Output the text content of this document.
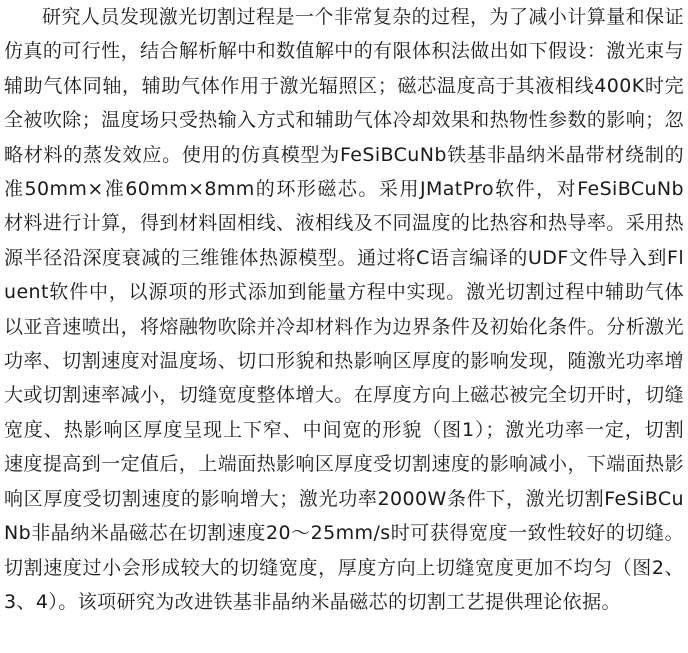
研究人员发现激光切割过程是一个非常复杂的过程，为了减小计算量和保证仿真的可行性，结合解析解中和数值解中的有限体积法做出如下假设：激光束与辅助气体同轴，辅助气体作用于激光辐照区；磁芯温度高于其液相线400K时完全被吹除；温度场只受热输入方式和辅助气体冷却效果和热物性参数的影响；忽略材料的蒸发效应。使用的仿真模型为FeSiBCuNb铁基非晶纳米晶带材绕制的准50mm×准60mm×8mm的环形磁芯。采用JMatPro软件，对FeSiBCuNb材料进行计算，得到材料固相线、液相线及不同温度的比热容和热导率。采用热源半径沿深度衰减的三维锥体热源模型。通过将C语言编译的UDF文件导入到Fluent软件中，以源项的形式添加到能量方程中实现。激光切割过程中辅助气体以亚音速喷出，将熔融物吹除并冷却材料作为边界条件及初始化条件。分析激光功率、切割速度对温度场、切口形貌和热影响区厚度的影响发现，随激光功率增大或切割速率减小，切缝宽度整体增大。在厚度方向上磁芯被完全切开时，切缝宽度、热影响区厚度呈现上下窄、中间宽的形貌（图1）；激光功率一定，切割速度提高到一定值后，上端面热影响区厚度受切割速度的影响减小，下端面热影响区厚度受切割速度的影响增大；激光功率2000W条件下，激光切割FeSiBCuNb非晶纳米晶磁芯在切割速度20～25mm/s时可获得宽度一致性较好的切缝。切割速度过小会形成较大的切缝宽度，厚度方向上切缝宽度更加不均匀（图2、3、4）。该项研究为改进铁基非晶纳米晶磁芯的切割工艺提供理论依据。
